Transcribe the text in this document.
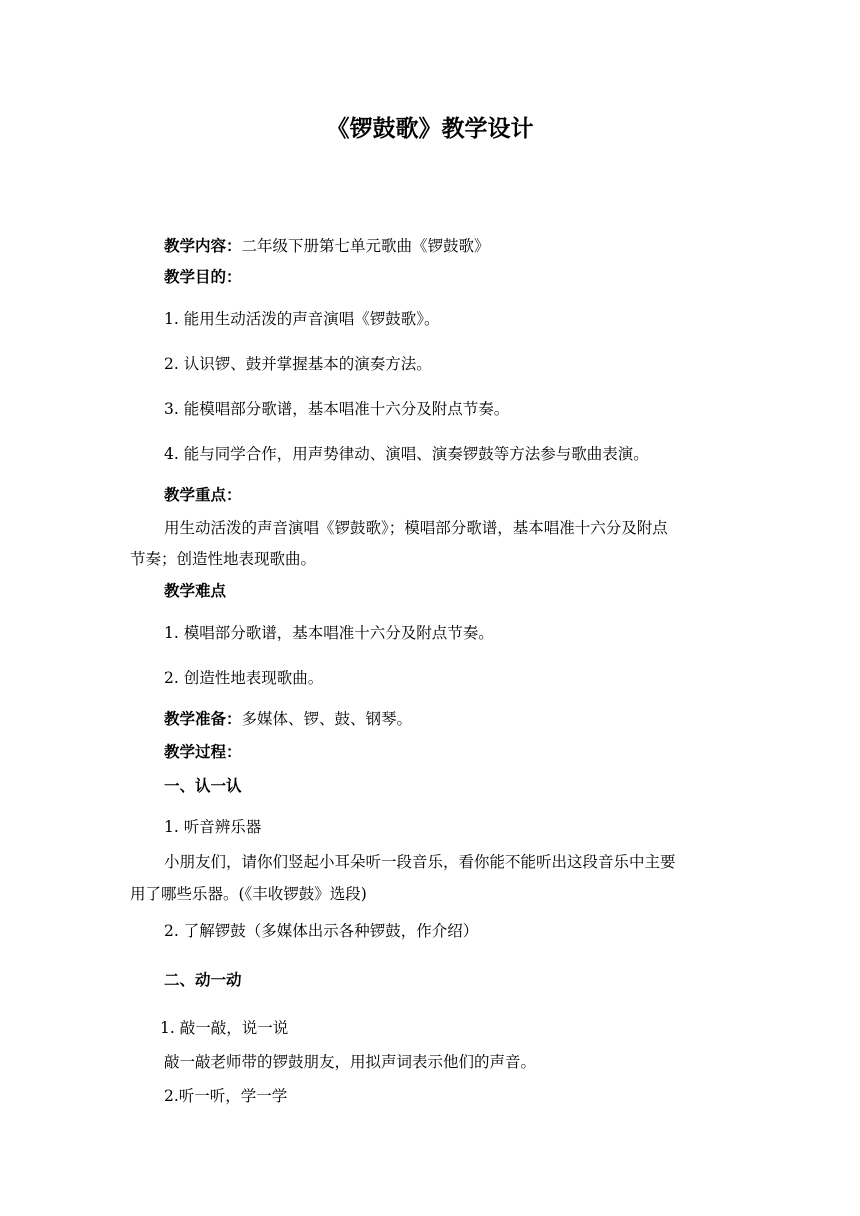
《锣鼓歌》教学设计
教学内容：二年级下册第七单元歌曲《锣鼓歌》
教学目的：
1. 能用生动活泼的声音演唱《锣鼓歌》。
2. 认识锣、鼓并掌握基本的演奏方法。
3. 能模唱部分歌谱，基本唱准十六分及附点节奏。
4. 能与同学合作，用声势律动、演唱、演奏锣鼓等方法参与歌曲表演。
教学重点：
用生动活泼的声音演唱《锣鼓歌》；模唱部分歌谱，基本唱准十六分及附点
节奏；创造性地表现歌曲。
教学难点
1. 模唱部分歌谱，基本唱准十六分及附点节奏。
2. 创造性地表现歌曲。
教学准备：多媒体、锣、鼓、钢琴。
教学过程：
一、认一认
1. 听音辨乐器
小朋友们，请你们竖起小耳朵听一段音乐，看你能不能听出这段音乐中主要
用了哪些乐器。(《丰收锣鼓》选段)
2. 了解锣鼓（多媒体出示各种锣鼓，作介绍）
二、动一动
1. 敲一敲，说一说
敲一敲老师带的锣鼓朋友，用拟声词表示他们的声音。
2.听一听，学一学
